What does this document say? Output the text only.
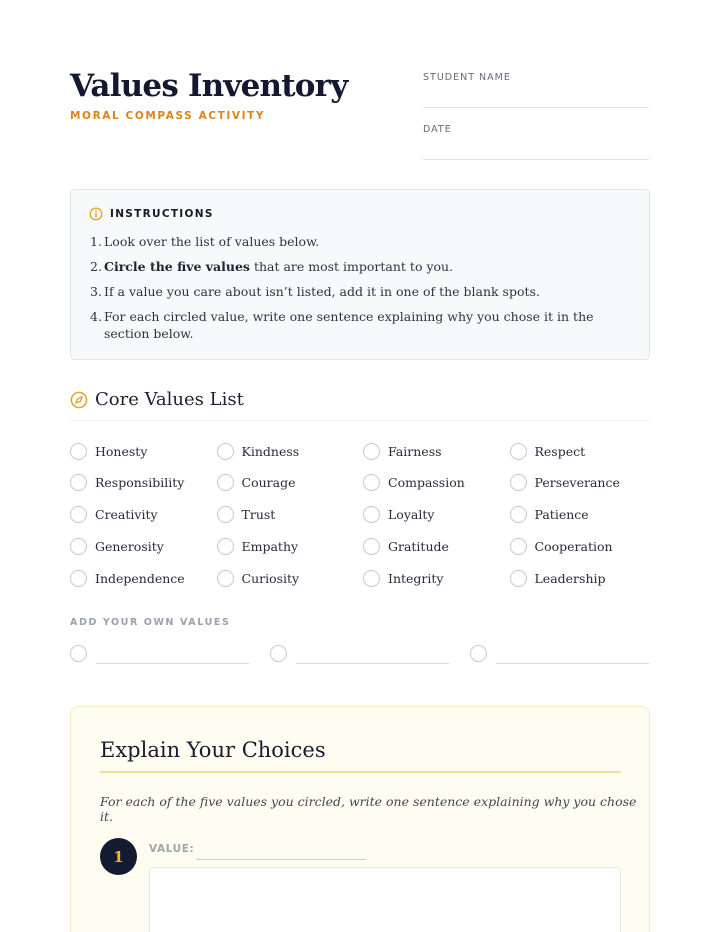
Values Inventory
MORAL COMPASS ACTIVITY
STUDENT NAME
DATE
INSTRUCTIONS
1. Look over the list of values below.
2. Circle the five values that are most important to you.
3. If a value you care about isn’t listed, add it in one of the blank spots.
4. For each circled value, write one sentence explaining why you chose it in the section below.
Core Values List
Honesty	Kindness	Fairness	Respect
Responsibility	Courage	Compassion	Perseverance
Creativity	Trust	Loyalty	Patience
Generosity	Empathy	Gratitude	Cooperation
Independence	Curiosity	Integrity	Leadership
ADD YOUR OWN VALUES
Explain Your Choices
For each of the five values you circled, write one sentence explaining why you chose it.
1	VALUE:
